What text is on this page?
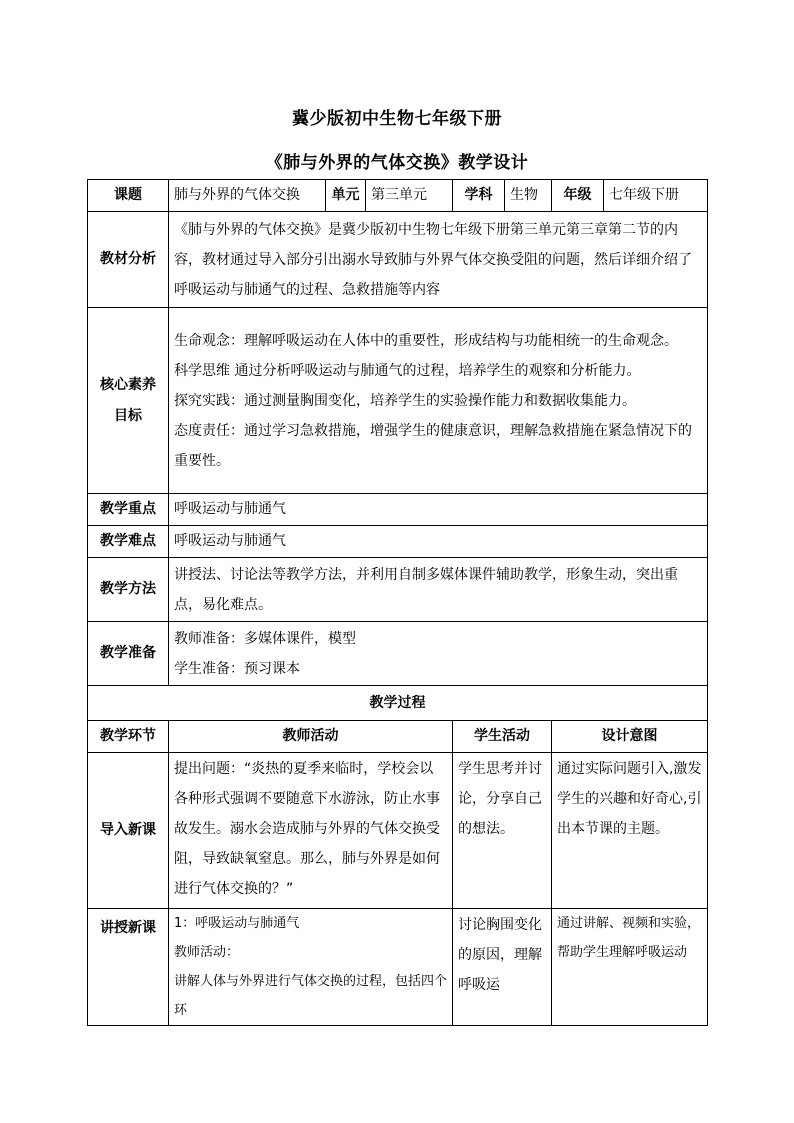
冀少版初中生物七年级下册
《肺与外界的气体交换》教学设计
课题	肺与外界的气体交换	单元	第三单元	学科	生物	年级	七年级下册
教材分析	《肺与外界的气体交换》是冀少版初中生物七年级下册第三单元第三章第二节的内容，教材通过导入部分引出溺水导致肺与外界气体交换受阻的问题，然后详细介绍了呼吸运动与肺通气的过程、急救措施等内容						

核心素养
目标	生命观念：理解呼吸运动在人体中的重要性，形成结构与功能相统一的生命观念。
科学思维 通过分析呼吸运动与肺通气的过程，培养学生的观察和分析能力。
探究实践：通过测量胸围变化，培养学生的实验操作能力和数据收集能力。
态度责任：通过学习急救措施，增强学生的健康意识，理解急救措施在紧急情况下的重要性。						

教学重点	呼吸运动与肺通气						
教学难点	呼吸运动与肺通气						
教学方法	讲授法、讨论法等教学方法，并利用自制多媒体课件辅助教学，形象生动，突出重点，易化难点。						
教学准备	教师准备：多媒体课件，模型
学生准备：预习课本						

教学过程							
教学环节	教师活动			学生活动		设计意图	
导入新课	提出问题：“炎热的夏季来临时，学校会以各种形式强调不要随意下水游泳，防止水事故发生。溺水会造成肺与外界的气体交换受阻，导致缺氧窒息。那么，肺与外界是如何进行气体交换的？”			学生思考并讨论，分享自己的想法。		通过实际问题引入,激发学生的兴趣和好奇心,引出本节课的主题。	
讲授新课	1：呼吸运动与肺通气
教师活动：
讲解人体与外界进行气体交换的过程，包括四个环			讨论胸围变化的原因，理解呼吸运		通过讲解、视频和实验，帮助学生理解呼吸运动	
